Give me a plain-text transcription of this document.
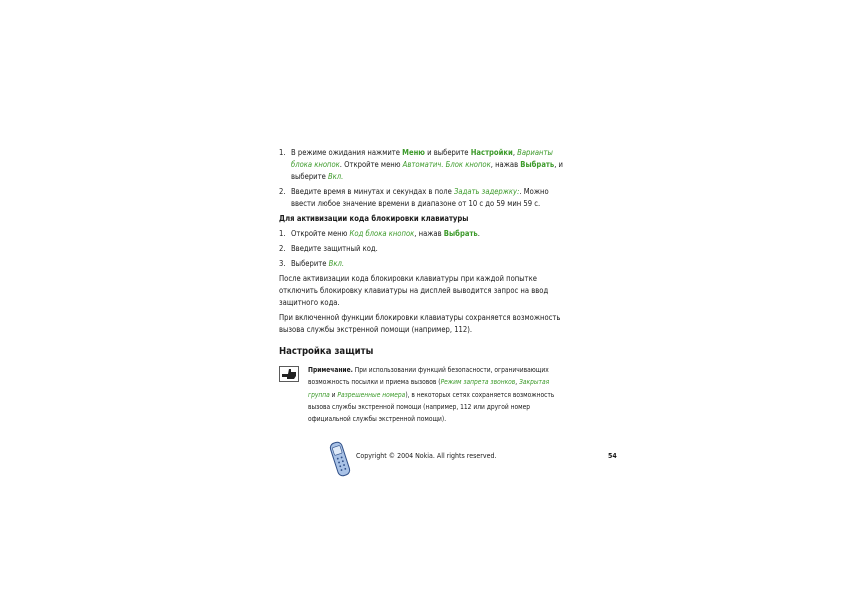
1. В режиме ожидания нажмите Меню и выберите Настройки, Варианты блока кнопок. Откройте меню Автоматич. Блок кнопок, нажав Выбрать, и выберите Вкл.
2. Введите время в минутах и секундах в поле Задать задержку:. Можно ввести любое значение времени в диапазоне от 10 с до 59 мин 59 с.
Для активизации кода блокировки клавиатуры
1. Откройте меню Код блока кнопок, нажав Выбрать.
2. Введите защитный код.
3. Выберите Вкл.
После активизации кода блокировки клавиатуры при каждой попытке отключить блокировку клавиатуры на дисплей выводится запрос на ввод защитного кода.
При включенной функции блокировки клавиатуры сохраняется возможность вызова службы экстренной помощи (например, 112).
Настройка защиты
Примечание. При использовании функций безопасности, ограничивающих возможность посылки и приема вызовов (Режим запрета звонков, Закрытая группа и Разрешенные номера), в некоторых сетях сохраняется возможность вызова службы экстренной помощи (например, 112 или другой номер официальной службы экстренной помощи).
Copyright © 2004 Nokia. All rights reserved.	54
